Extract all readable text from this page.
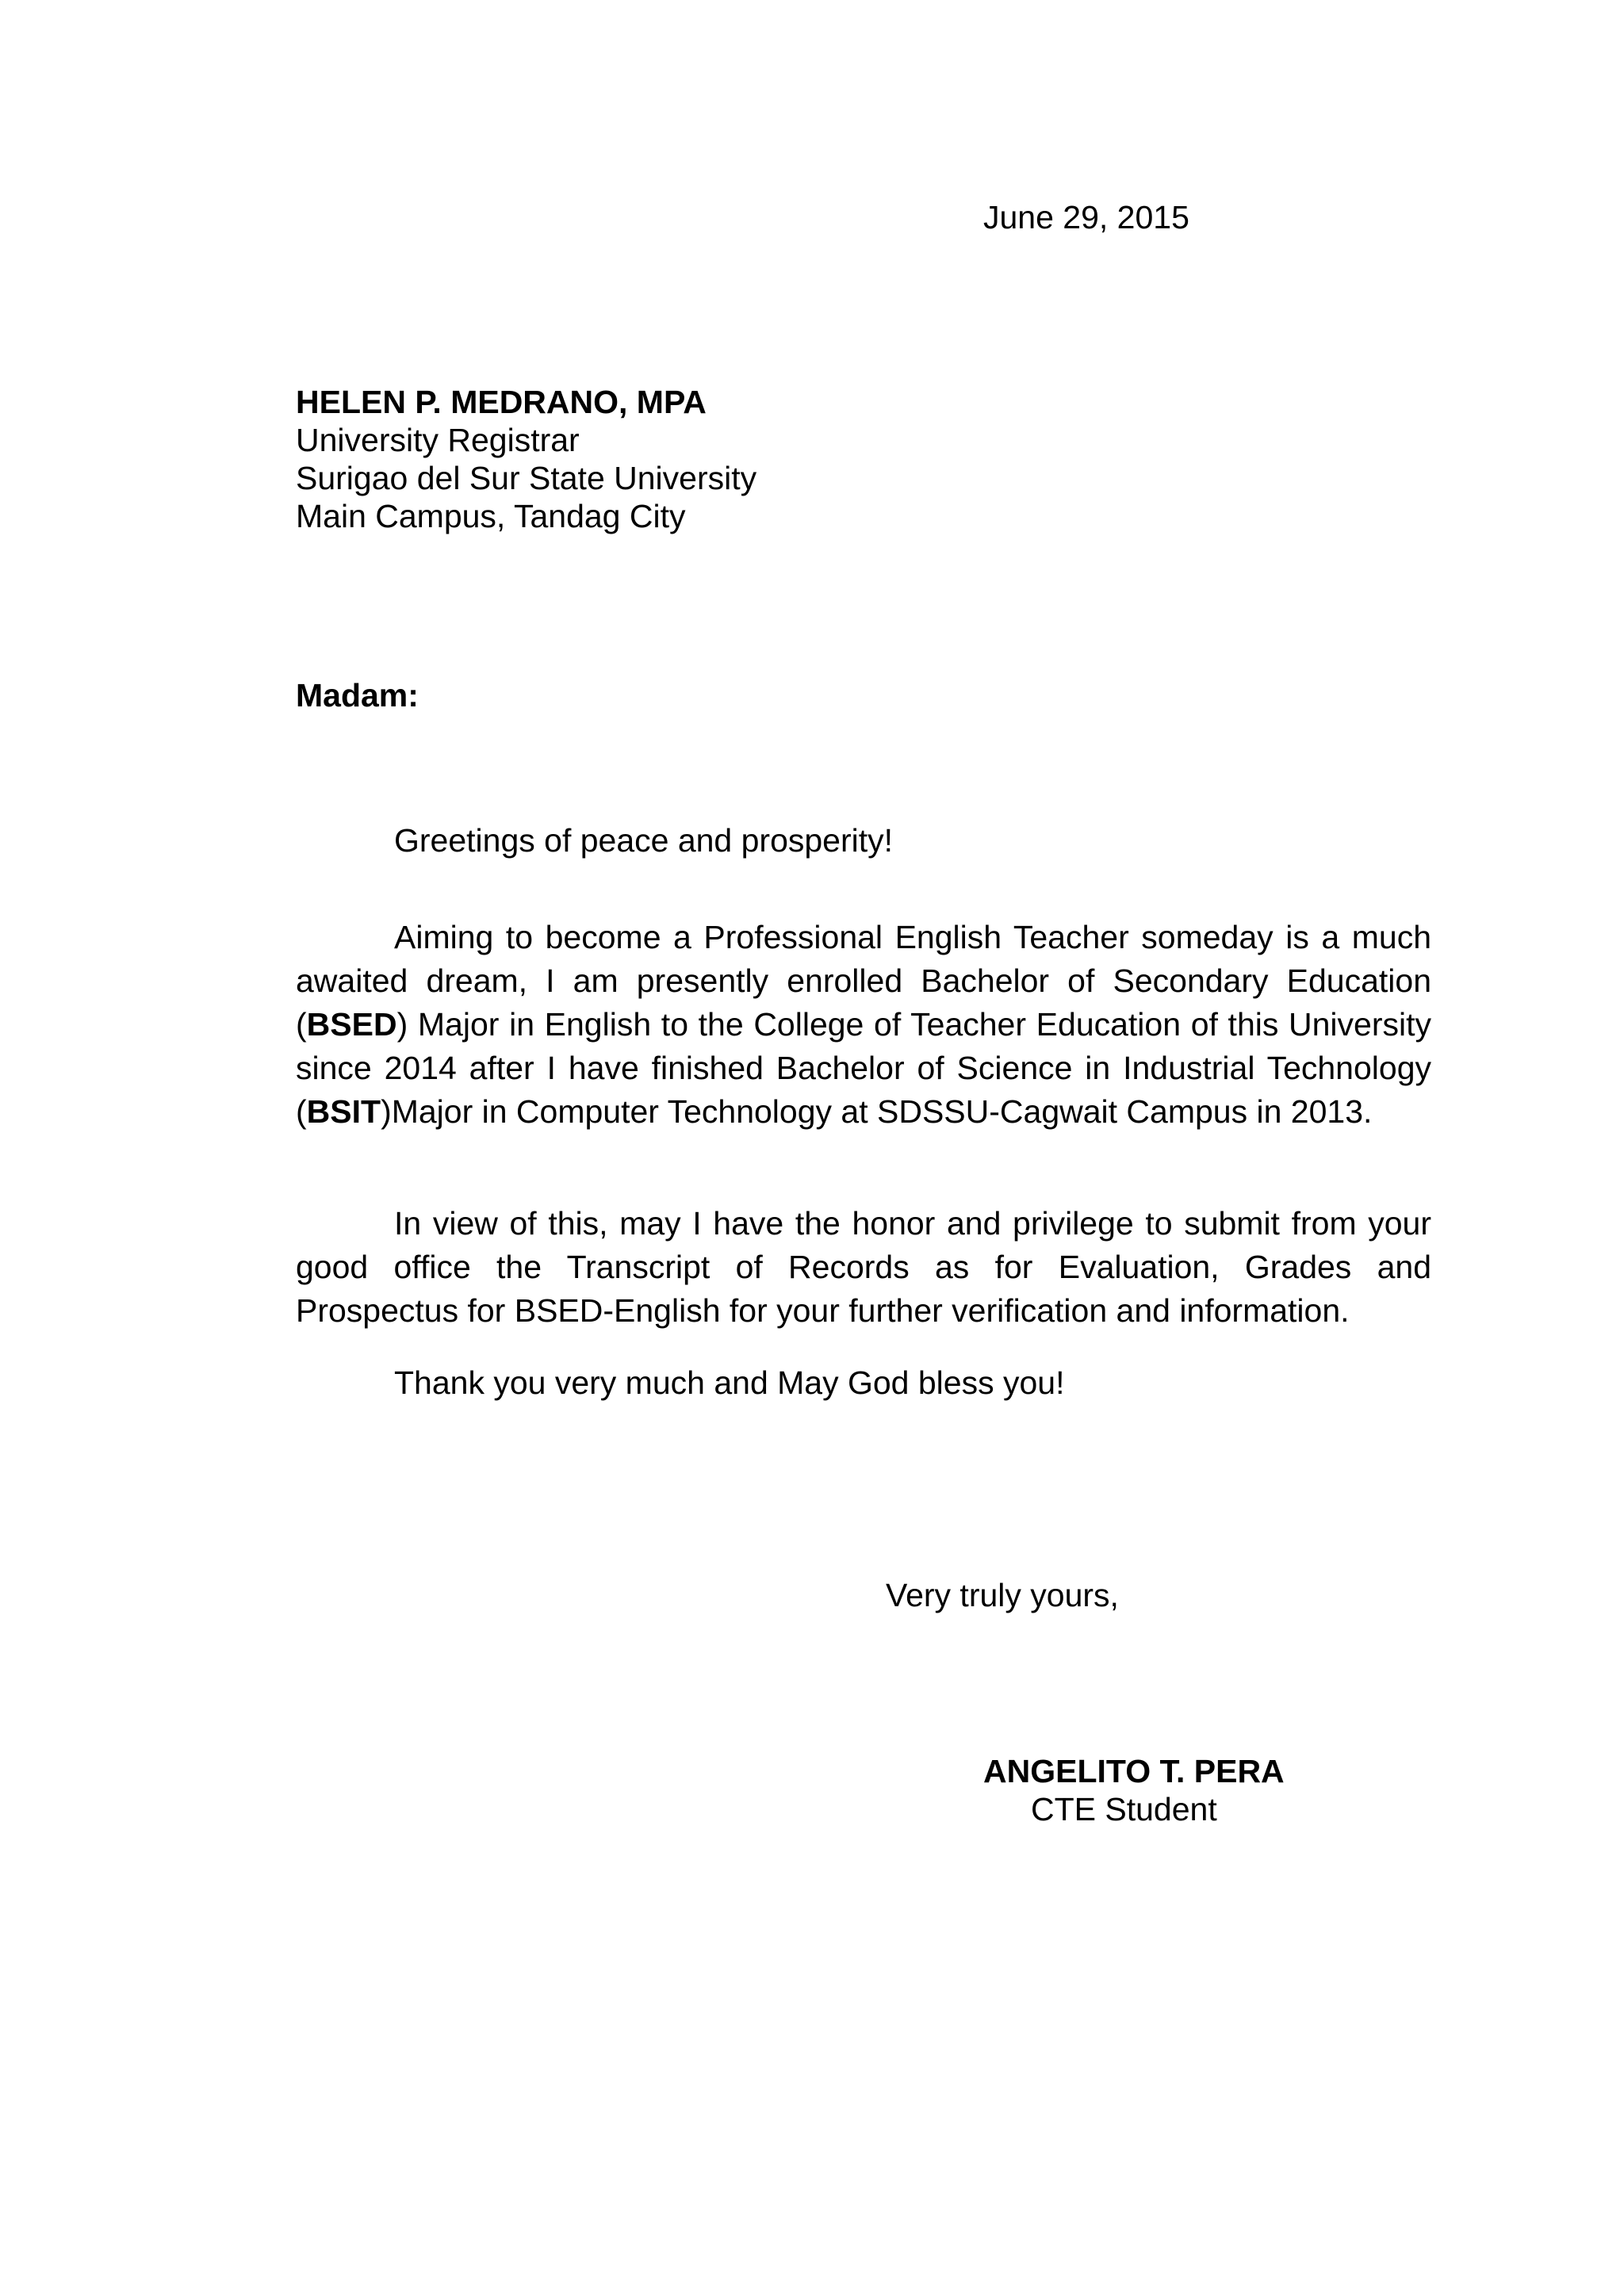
June 29, 2015
HELEN P. MEDRANO, MPA
University Registrar
Surigao del Sur State University
Main Campus, Tandag City
Madam:

Greetings of peace and prosperity!

Aiming to become a Professional English Teacher someday is a much awaited dream, I am presently enrolled Bachelor of Secondary Education (BSED) Major in English to the College of Teacher Education of this University since 2014 after I have finished Bachelor of Science in Industrial Technology (BSIT)Major in Computer Technology at SDSSU-Cagwait Campus in 2013.

In view of this, may I have the honor and privilege to submit from your good office the Transcript of Records as for Evaluation, Grades and Prospectus for BSED-English for your further verification and information.

Thank you very much and May God bless you!

Very truly yours,
ANGELITO T. PERA
CTE Student
